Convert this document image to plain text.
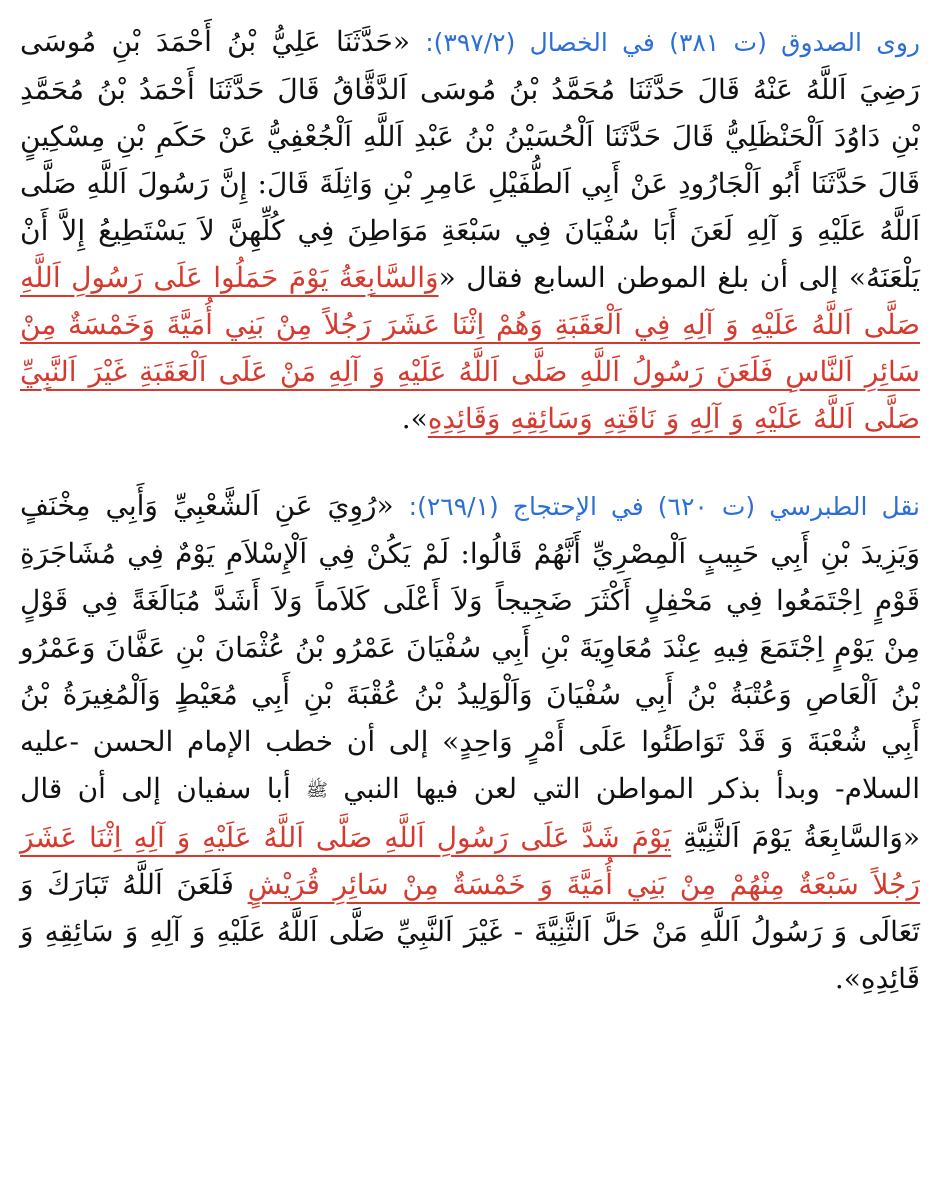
روى الصدوق (ت ٣٨١) في الخصال (٣٩٧/٢): «حَدَّثَنَا عَلِيُّ بْنُ أَحْمَدَ بْنِ مُوسَى رَضِيَ اَللَّهُ عَنْهُ قَالَ حَدَّثَنَا مُحَمَّدُ بْنُ مُوسَى اَلدَّقَّاقُ قَالَ حَدَّثَنَا أَحْمَدُ بْنُ مُحَمَّدِ بْنِ دَاوُدَ اَلْحَنْظَلِيُّ قَالَ حَدَّثَنَا اَلْحُسَيْنُ بْنُ عَبْدِ اَللَّهِ اَلْجُعْفِيُّ عَنْ حَكَمِ بْنِ مِسْكِينٍ قَالَ حَدَّثَنَا أَبُو اَلْجَارُودِ عَنْ أَبِي اَلطُّفَيْلِ عَامِرِ بْنِ وَاثِلَةَ قَالَ: إِنَّ رَسُولَ اَللَّهِ صَلَّى اَللَّهُ عَلَيْهِ وَ آلِهِ لَعَنَ أَبَا سُفْيَانَ فِي سَبْعَةِ مَوَاطِنَ فِي كُلِّهِنَّ لاَ يَسْتَطِيعُ إِلاَّ أَنْ يَلْعَنَهُ» إلى أن بلغ الموطن السابع فقال «وَالسَّابِعَةُ يَوْمَ حَمَلُوا عَلَى رَسُولِ اَللَّهِ صَلَّى اَللَّهُ عَلَيْهِ وَ آلِهِ فِي اَلْعَقَبَةِ وَهُمْ اِثْنَا عَشَرَ رَجُلاً مِنْ بَنِي أُمَيَّةَ وَخَمْسَةٌ مِنْ سَائِرِ اَلنَّاسِ فَلَعَنَ رَسُولُ اَللَّهِ صَلَّى اَللَّهُ عَلَيْهِ وَ آلِهِ مَنْ عَلَى اَلْعَقَبَةِ غَيْرَ اَلنَّبِيِّ صَلَّى اَللَّهُ عَلَيْهِ وَ آلِهِ وَ نَاقَتِهِ وَسَائِقِهِ وَقَائِدِهِ».

نقل الطبرسي (ت ٦٢٠) في الإحتجاج (٢٦٩/١): «رُوِيَ عَنِ اَلشَّعْبِيِّ وَأَبِي مِخْنَفٍ وَيَزِيدَ بْنِ أَبِي حَبِيبٍ اَلْمِصْرِيِّ أَنَّهُمْ قَالُوا: لَمْ يَكُنْ فِي اَلْإِسْلاَمِ يَوْمٌ فِي مُشَاجَرَةِ قَوْمٍ اِجْتَمَعُوا فِي مَحْفِلٍ أَكْثَرَ ضَجِيجاً وَلاَ أَعْلَى كَلاَماً وَلاَ أَشَدَّ مُبَالَغَةً فِي قَوْلٍ مِنْ يَوْمٍ اِجْتَمَعَ فِيهِ عِنْدَ مُعَاوِيَةَ بْنِ أَبِي سُفْيَانَ عَمْرُو بْنُ عُثْمَانَ بْنِ عَفَّانَ وَعَمْرُو بْنُ اَلْعَاصِ وَعُتْبَةُ بْنُ أَبِي سُفْيَانَ وَاَلْوَلِيدُ بْنُ عُقْبَةَ بْنِ أَبِي مُعَيْطٍ وَاَلْمُغِيرَةُ بْنُ أَبِي شُعْبَةَ وَ قَدْ تَوَاطَئُوا عَلَى أَمْرٍ وَاحِدٍ» إلى أن خطب الإمام الحسن -عليه السلام- وبدأ بذكر المواطن التي لعن فيها النبي ﷺ أبا سفيان إلى أن قال «وَالسَّابِعَةُ يَوْمَ اَلثَّنِيَّةِ يَوْمَ شَدَّ عَلَى رَسُولِ اَللَّهِ صَلَّى اَللَّهُ عَلَيْهِ وَ آلِهِ اِثْنَا عَشَرَ رَجُلاً سَبْعَةٌ مِنْهُمْ مِنْ بَنِي أُمَيَّةَ وَ خَمْسَةٌ مِنْ سَائِرِ قُرَيْشٍ فَلَعَنَ اَللَّهُ تَبَارَكَ وَ تَعَالَى وَ رَسُولُ اَللَّهِ مَنْ حَلَّ اَلثَّنِيَّةَ - غَيْرَ اَلنَّبِيِّ صَلَّى اَللَّهُ عَلَيْهِ وَ آلِهِ وَ سَائِقِهِ وَ قَائِدِهِ».
